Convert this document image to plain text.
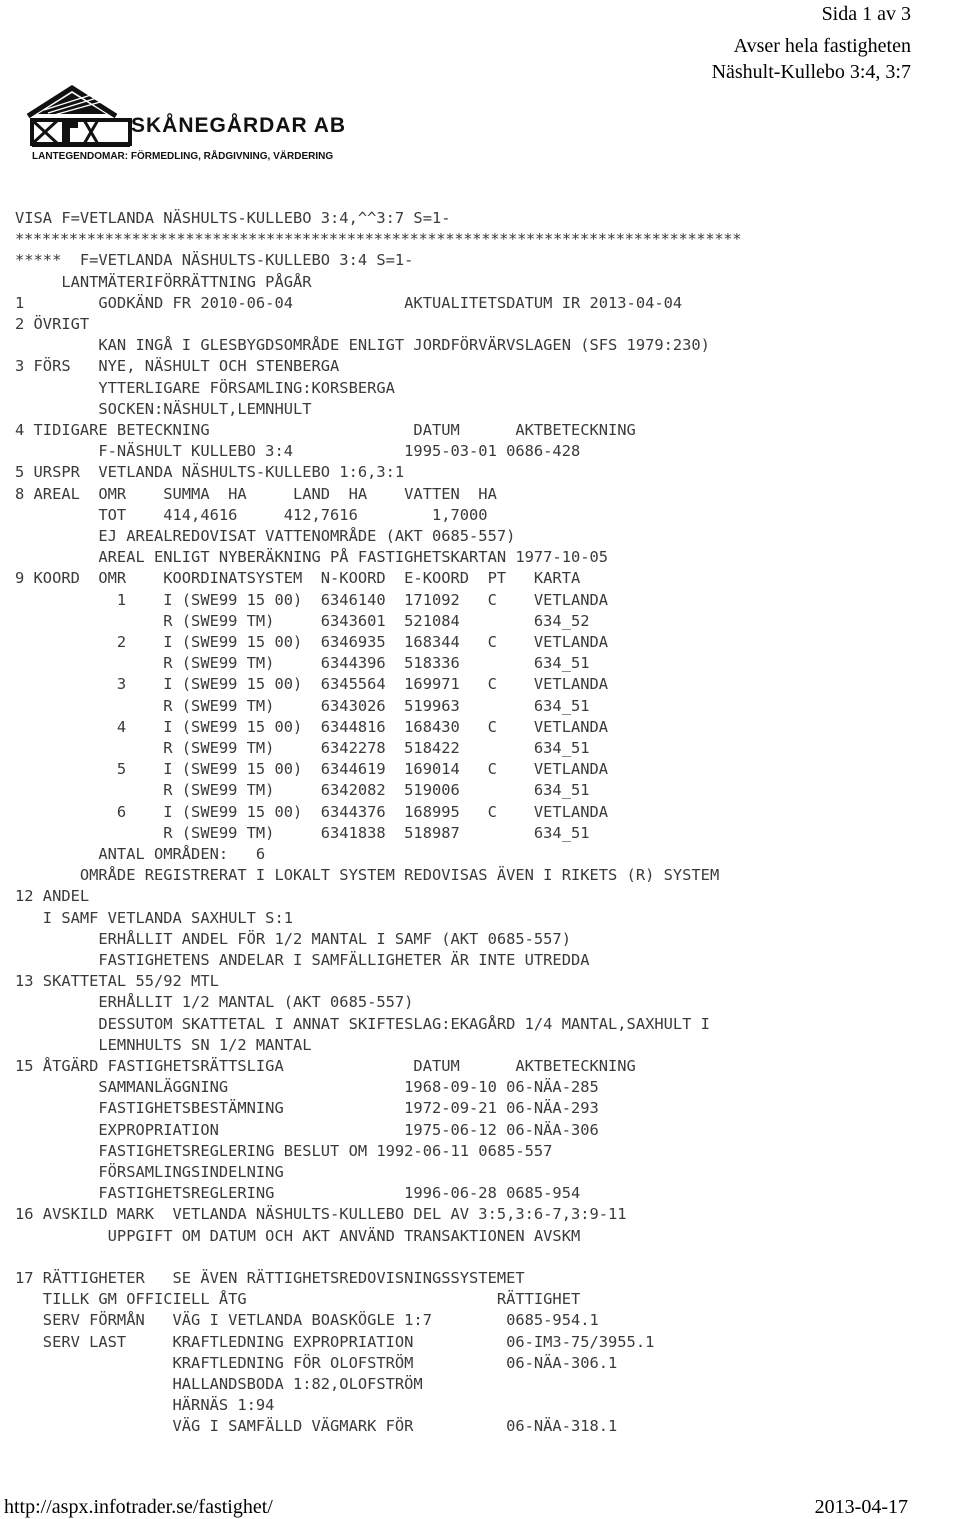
Sida 1 av 3
Avser hela fastigheten
Näshult-Kullebo 3:4, 3:7
SKÅNEGÅRDAR AB
LANTEGENDOMAR: FÖRMEDLING, RÅDGIVNING, VÄRDERING
VISA F=VETLANDA NÄSHULTS-KULLEBO 3:4,^^3:7 S=1-
*********************************************************************************
*****  F=VETLANDA NÄSHULTS-KULLEBO 3:4 S=1-
LANTMÄTERIFÖRRÄTTNING PÅGÅR
1        GODKÄND FR 2010-06-04            AKTUALITETSDATUM IR 2013-04-04
2 ÖVRIGT
KAN INGÅ I GLESBYGDSOMRÅDE ENLIGT JORDFÖRVÄRVSLAGEN (SFS 1979:230)
3 FÖRS   NYE, NÄSHULT OCH STENBERGA
YTTERLIGARE FÖRSAMLING:KORSBERGA
SOCKEN:NÄSHULT,LEMNHULT
4 TIDIGARE BETECKNING                      DATUM      AKTBETECKNING
F-NÄSHULT KULLEBO 3:4            1995-03-01 0686-428
5 URSPR  VETLANDA NÄSHULTS-KULLEBO 1:6,3:1
8 AREAL  OMR    SUMMA  HA     LAND  HA    VATTEN  HA
TOT    414,4616     412,7616        1,7000
EJ AREALREDOVISAT VATTENOMRÅDE (AKT 0685-557)
AREAL ENLIGT NYBERÄKNING PÅ FASTIGHETSKARTAN 1977-10-05
9 KOORD  OMR    KOORDINATSYSTEM  N-KOORD  E-KOORD  PT   KARTA
1    I (SWE99 15 00)  6346140  171092   C    VETLANDA
R (SWE99 TM)     6343601  521084        634_52
2    I (SWE99 15 00)  6346935  168344   C    VETLANDA
R (SWE99 TM)     6344396  518336        634_51
3    I (SWE99 15 00)  6345564  169971   C    VETLANDA
R (SWE99 TM)     6343026  519963        634_51
4    I (SWE99 15 00)  6344816  168430   C    VETLANDA
R (SWE99 TM)     6342278  518422        634_51
5    I (SWE99 15 00)  6344619  169014   C    VETLANDA
R (SWE99 TM)     6342082  519006        634_51
6    I (SWE99 15 00)  6344376  168995   C    VETLANDA
R (SWE99 TM)     6341838  518987        634_51
ANTAL OMRÅDEN:   6
OMRÅDE REGISTRERAT I LOKALT SYSTEM REDOVISAS ÄVEN I RIKETS (R) SYSTEM
12 ANDEL
I SAMF VETLANDA SAXHULT S:1
ERHÅLLIT ANDEL FÖR 1/2 MANTAL I SAMF (AKT 0685-557)
FASTIGHETENS ANDELAR I SAMFÄLLIGHETER ÄR INTE UTREDDA
13 SKATTETAL 55/92 MTL
ERHÅLLIT 1/2 MANTAL (AKT 0685-557)
DESSUTOM SKATTETAL I ANNAT SKIFTESLAG:EKAGÅRD 1/4 MANTAL,SAXHULT I
LEMNHULTS SN 1/2 MANTAL
15 ÅTGÄRD FASTIGHETSRÄTTSLIGA              DATUM      AKTBETECKNING
SAMMANLÄGGNING                   1968-09-10 06-NÄA-285
FASTIGHETSBESTÄMNING             1972-09-21 06-NÄA-293
EXPROPRIATION                    1975-06-12 06-NÄA-306
FASTIGHETSREGLERING BESLUT OM 1992-06-11 0685-557
FÖRSAMLINGSINDELNING
FASTIGHETSREGLERING              1996-06-28 0685-954
16 AVSKILD MARK  VETLANDA NÄSHULTS-KULLEBO DEL AV 3:5,3:6-7,3:9-11
UPPGIFT OM DATUM OCH AKT ANVÄND TRANSAKTIONEN AVSKM
17 RÄTTIGHETER   SE ÄVEN RÄTTIGHETSREDOVISNINGSSYSTEMET
TILLK GM OFFICIELL ÅTG                           RÄTTIGHET
SERV FÖRMÅN   VÄG I VETLANDA BOASKÖGLE 1:7        0685-954.1
SERV LAST     KRAFTLEDNING EXPROPRIATION          06-IM3-75/3955.1
KRAFTLEDNING FÖR OLOFSTRÖM          06-NÄA-306.1
HALLANDSBODA 1:82,OLOFSTRÖM
HÄRNÄS 1:94
VÄG I SAMFÄLLD VÄGMARK FÖR          06-NÄA-318.1
http://aspx.infotrader.se/fastighet/	2013-04-17
